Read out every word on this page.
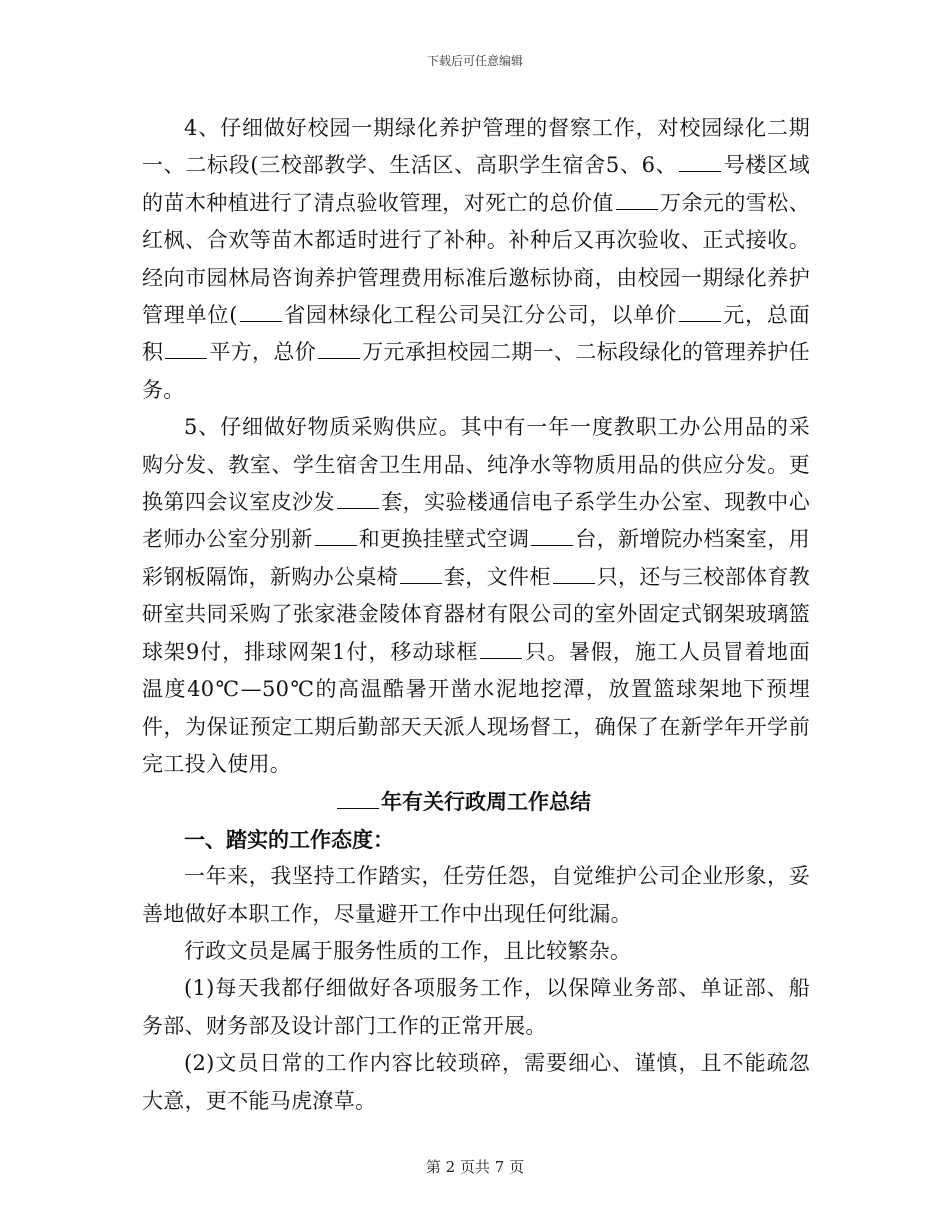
下载后可任意编辑

4、仔细做好校园一期绿化养护管理的督察工作，对校园绿化二期一、二标段(三校部教学、生活区、高职学生宿舍5、6、 号楼区域的苗木种植进行了清点验收管理，对死亡的总价值 万余元的雪松、红枫、合欢等苗木都适时进行了补种。补种后又再次验收、正式接收。经向市园林局咨询养护管理费用标准后邀标协商，由校园一期绿化养护管理单位( 省园林绿化工程公司吴江分公司，以单价 元，总面积 平方，总价 万元承担校园二期一、二标段绿化的管理养护任务。

5、仔细做好物质采购供应。其中有一年一度教职工办公用品的采购分发、教室、学生宿舍卫生用品、纯净水等物质用品的供应分发。更换第四会议室皮沙发 套，实验楼通信电子系学生办公室、现教中心老师办公室分别新 和更换挂壁式空调 台，新增院办档案室，用彩钢板隔饰，新购办公桌椅 套，文件柜 只，还与三校部体育教研室共同采购了张家港金陵体育器材有限公司的室外固定式钢架玻璃篮球架9付，排球网架1付，移动球框 只。暑假，施工人员冒着地面温度40℃—50℃的高温酷暑开凿水泥地挖潭，放置篮球架地下预埋件，为保证预定工期后勤部天天派人现场督工，确保了在新学年开学前完工投入使用。

年有关行政周工作总结

一、踏实的工作态度：

一年来，我坚持工作踏实，任劳任怨，自觉维护公司企业形象，妥善地做好本职工作，尽量避开工作中出现任何纰漏。

行政文员是属于服务性质的工作，且比较繁杂。

(1)每天我都仔细做好各项服务工作，以保障业务部、单证部、船务部、财务部及设计部门工作的正常开展。

(2)文员日常的工作内容比较琐碎，需要细心、谨慎，且不能疏忽大意，更不能马虎潦草。

第 2 页共 7 页
